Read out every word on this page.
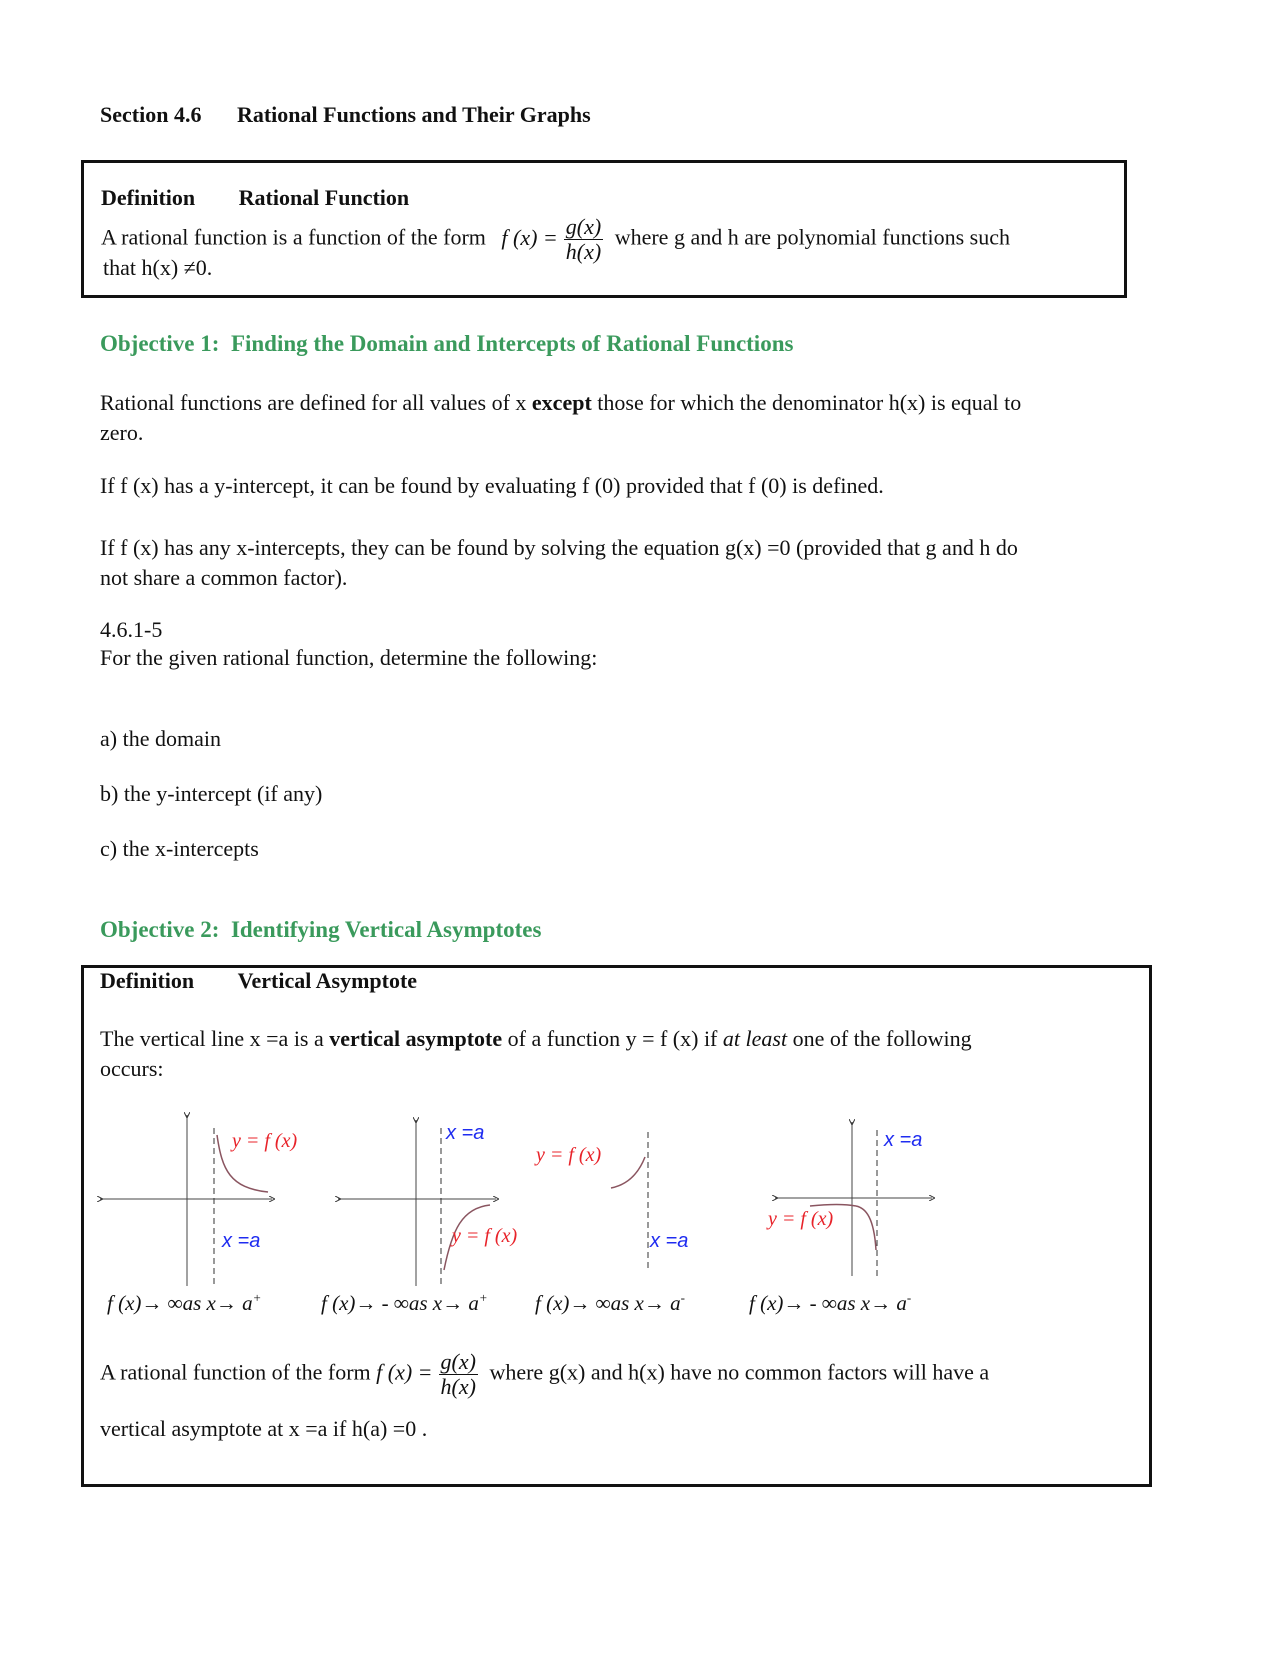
Section 4.6 Rational Functions and Their Graphs
Definition Rational Function
A rational function is a function of the form f $(x) = \frac{g(x)}{h(x)}$ where g and h are polynomial functions such
that h(x) ≠0.
Objective 1: Finding the Domain and Intercepts of Rational Functions
Rational functions are defined for all values of x except those for which the denominator h(x) is equal to
zero.
If f (x) has a y-intercept, it can be found by evaluating f (0) provided that f (0) is defined.
If f (x) has any x-intercepts, they can be found by solving the equation g(x) =0 (provided that g and h do
not share a common factor).
4.6.1-5
For the given rational function, determine the following:
a) the domain
b) the y-intercept (if any)
c) the x-intercepts
Objective 2: Identifying Vertical Asymptotes
Definition Vertical Asymptote
The vertical line x =a is a vertical asymptote of a function y = f (x) if at least one of the following
occurs:
y = f (x)
x =a
x =a
y = f (x)
y = f (x)
x =a
x =a
y = f (x)
f (x)→ ∞as x→ a+	f (x)→ - ∞as x→ a+ f (x)→ ∞as x→ a-	f (x)→ - ∞as x→ a-
A rational function of the form f $(x) = \frac{g(x)}{h(x)}$ where g(x) and h(x) have no common factors will have a
vertical asymptote at x =a if h(a) =0 .
